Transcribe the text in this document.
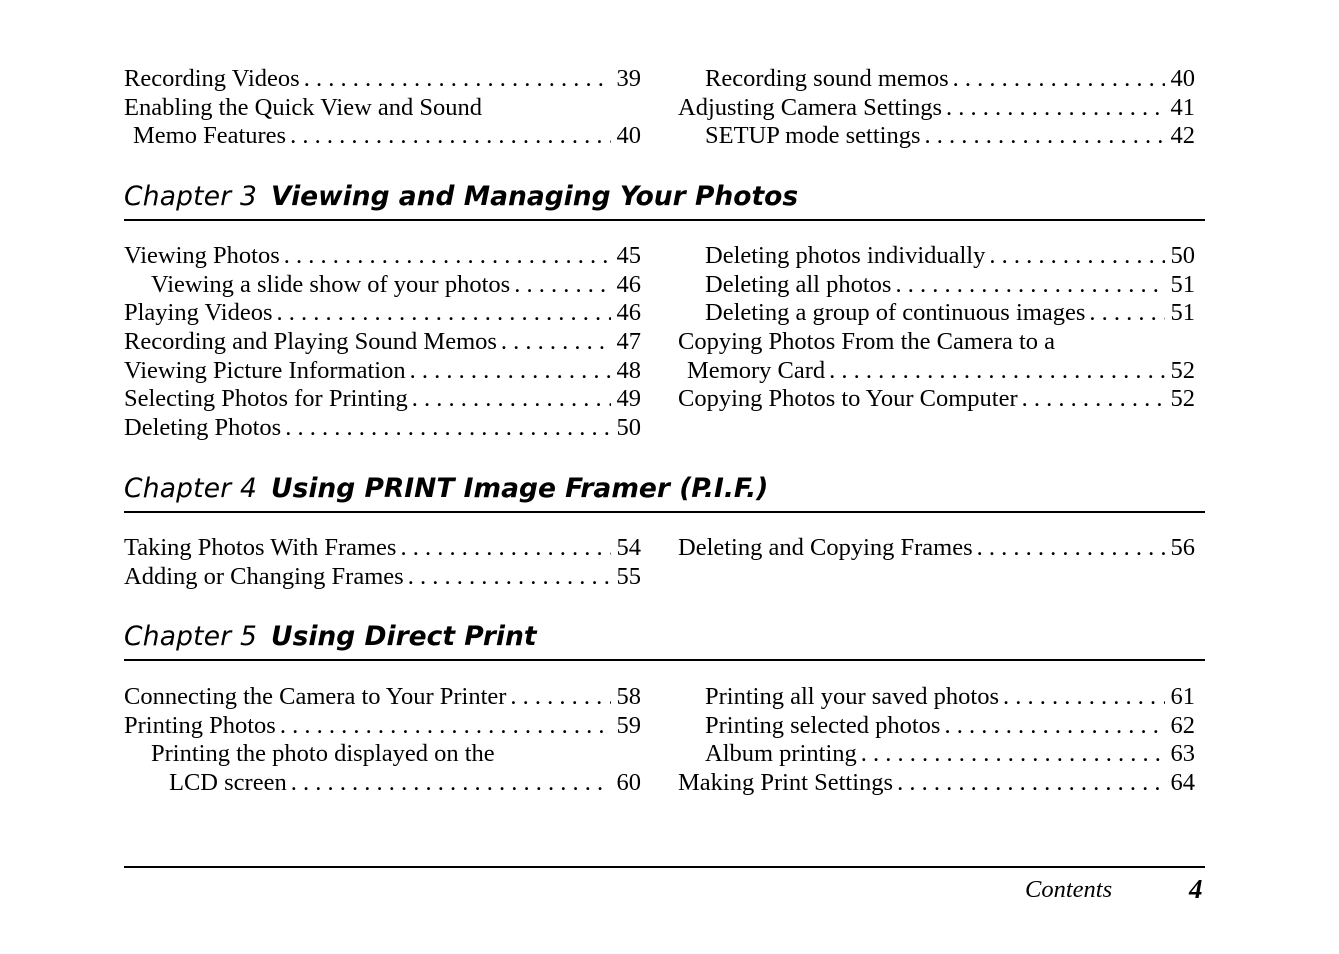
Recording Videos . . .	39
Enabling the Quick View and Sound
Memo Features . . .	40
Recording sound memos . . .	40
Adjusting Camera Settings . . .	41
SETUP mode settings . . .	42
Chapter 3 Viewing and Managing Your Photos
Viewing Photos . . .	45
Viewing a slide show of your photos . . .	46
Playing Videos . . .	46
Recording and Playing Sound Memos . . .	47
Viewing Picture Information . . .	48
Selecting Photos for Printing . . .	49
Deleting Photos . . .	50
Deleting photos individually . . .	50
Deleting all photos . . .	51
Deleting a group of continuous images . . .	51
Copying Photos From the Camera to a
Memory Card . . .	52
Copying Photos to Your Computer . . .	52
Chapter 4 Using PRINT Image Framer (P.I.F.)
Taking Photos With Frames . . .	54
Adding or Changing Frames . . .	55
Deleting and Copying Frames . . .	56
Chapter 5 Using Direct Print
Connecting the Camera to Your Printer . . .	58
Printing Photos . . .	59
Printing the photo displayed on the
LCD screen . . .	60
Printing all your saved photos . . .	61
Printing selected photos . . .	62
Album printing . . .	63
Making Print Settings . . .	64
Contents	4
